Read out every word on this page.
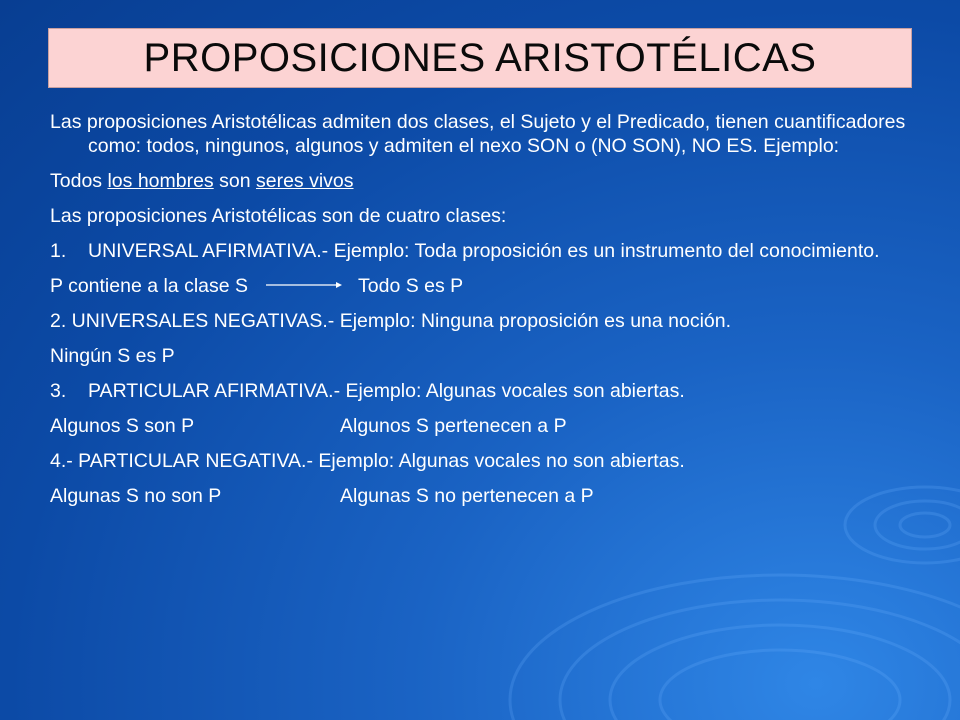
PROPOSICIONES ARISTOTÉLICAS

Las proposiciones Aristotélicas admiten dos clases, el Sujeto y el Predicado, tienen cuantificadores como: todos, ningunos, algunos y admiten el nexo SON o (NO SON), NO ES. Ejemplo:

Todos los hombres son seres vivos

Las proposiciones Aristotélicas son de cuatro clases:

1. UNIVERSAL AFIRMATIVA.- Ejemplo: Toda proposición es un instrumento del conocimiento.

P contiene a la clase S	Todo S es P

2. UNIVERSALES NEGATIVAS.- Ejemplo: Ninguna proposición es una noción.

Ningún S es P

3. PARTICULAR AFIRMATIVA.- Ejemplo: Algunas vocales son abiertas.

Algunos S son P	Algunos S pertenecen a P

4.- PARTICULAR NEGATIVA.- Ejemplo: Algunas vocales no son abiertas.

Algunas S no son P	Algunas S no pertenecen a P
